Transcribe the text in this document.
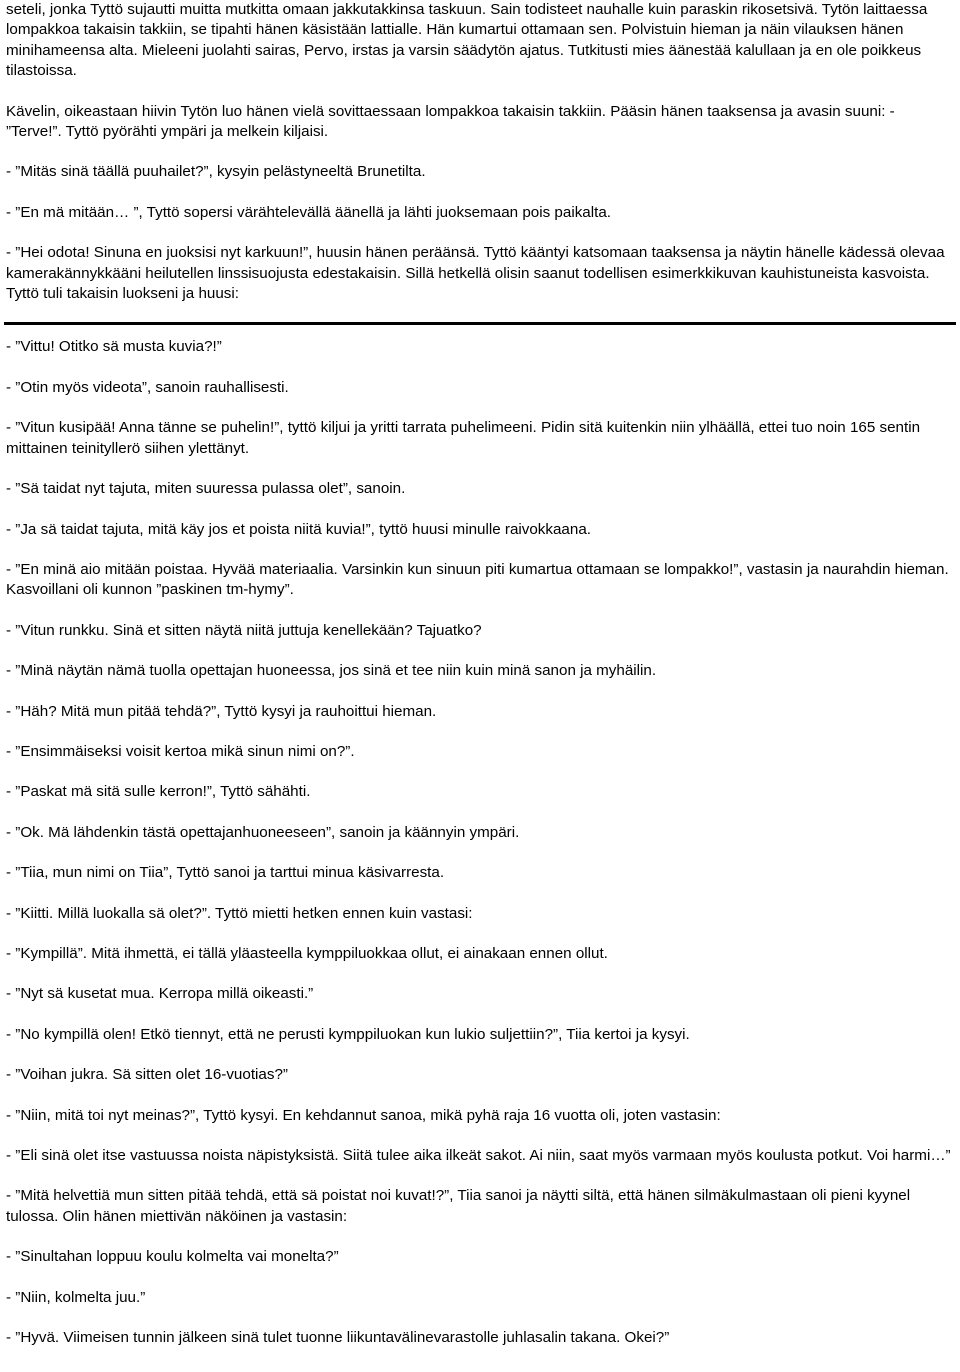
seteli, jonka Tyttö sujautti muitta mutkitta omaan jakkutakkinsa taskuun. Sain todisteet nauhalle kuin paraskin rikosetsivä. Tytön laittaessa lompakkoa takaisin takkiin, se tipahti hänen käsistään lattialle. Hän kumartui ottamaan sen. Polvistuin hieman ja näin vilauksen hänen minihameensa alta. Mieleeni juolahti sairas, Pervo, irstas ja varsin säädytön ajatus. Tutkitusti mies äänestää kalullaan ja en ole poikkeus tilastoissa.

Kävelin, oikeastaan hiivin Tytön luo hänen vielä sovittaessaan lompakkoa takaisin takkiin. Pääsin hänen taaksensa ja avasin suuni: - ”Terve!”. Tyttö pyörähti ympäri ja melkein kiljaisi.

- ”Mitäs sinä täällä puuhailet?”, kysyin pelästyneeltä Brunetilta.

- ”En mä mitään… ”, Tyttö sopersi värähtelevällä äänellä ja lähti juoksemaan pois paikalta.

- ”Hei odota! Sinuna en juoksisi nyt karkuun!”, huusin hänen peräänsä. Tyttö kääntyi katsomaan taaksensa ja näytin hänelle kädessä olevaa kamerakännykkääni heilutellen linssisuojusta edestakaisin. Sillä hetkellä olisin saanut todellisen esimerkkikuvan kauhistuneista kasvoista. Tyttö tuli takaisin luokseni ja huusi:

- ”Vittu! Otitko sä musta kuvia?!”

- ”Otin myös videota”, sanoin rauhallisesti.

- ”Vitun kusipää! Anna tänne se puhelin!”, tyttö kiljui ja yritti tarrata puhelimeeni. Pidin sitä kuitenkin niin ylhäällä, ettei tuo noin 165 sentin mittainen teinityllerö siihen ylettänyt.

- ”Sä taidat nyt tajuta, miten suuressa pulassa olet”, sanoin.

- ”Ja sä taidat tajuta, mitä käy jos et poista niitä kuvia!”, tyttö huusi minulle raivokkaana.

- ”En minä aio mitään poistaa. Hyvää materiaalia. Varsinkin kun sinuun piti kumartua ottamaan se lompakko!”, vastasin ja naurahdin hieman. Kasvoillani oli kunnon ”paskinen tm-hymy”.

- ”Vitun runkku. Sinä et sitten näytä niitä juttuja kenellekään? Tajuatko?

- ”Minä näytän nämä tuolla opettajan huoneessa, jos sinä et tee niin kuin minä sanon ja myhäilin.

- ”Häh? Mitä mun pitää tehdä?”, Tyttö kysyi ja rauhoittui hieman.

- ”Ensimmäiseksi voisit kertoa mikä sinun nimi on?”.

- ”Paskat mä sitä sulle kerron!”, Tyttö sähähti.

- ”Ok. Mä lähdenkin tästä opettajanhuoneeseen”, sanoin ja käännyin ympäri.

- ”Tiia, mun nimi on Tiia”, Tyttö sanoi ja tarttui minua käsivarresta.

- ”Kiitti. Millä luokalla sä olet?”. Tyttö mietti hetken ennen kuin vastasi:

- ”Kympillä”. Mitä ihmettä, ei tällä yläasteella kymppiluokkaa ollut, ei ainakaan ennen ollut.

- ”Nyt sä kusetat mua. Kerropa millä oikeasti.”

- ”No kympillä olen! Etkö tiennyt, että ne perusti kymppiluokan kun lukio suljettiin?”, Tiia kertoi ja kysyi.

- ”Voihan jukra. Sä sitten olet 16-vuotias?”

- ”Niin, mitä toi nyt meinas?”, Tyttö kysyi. En kehdannut sanoa, mikä pyhä raja 16 vuotta oli, joten vastasin:

- ”Eli sinä olet itse vastuussa noista näpistyksistä. Siitä tulee aika ilkeät sakot. Ai niin, saat myös varmaan myös koulusta potkut. Voi harmi…”

- ”Mitä helvettiä mun sitten pitää tehdä, että sä poistat noi kuvat!?”, Tiia sanoi ja näytti siltä, että hänen silmäkulmastaan oli pieni kyynel tulossa. Olin hänen miettivän näköinen ja vastasin:

- ”Sinultahan loppuu koulu kolmelta vai monelta?”

- ”Niin, kolmelta juu.”

- ”Hyvä. Viimeisen tunnin jälkeen sinä tulet tuonne liikuntavälinevarastolle juhlasalin takana. Okei?”
